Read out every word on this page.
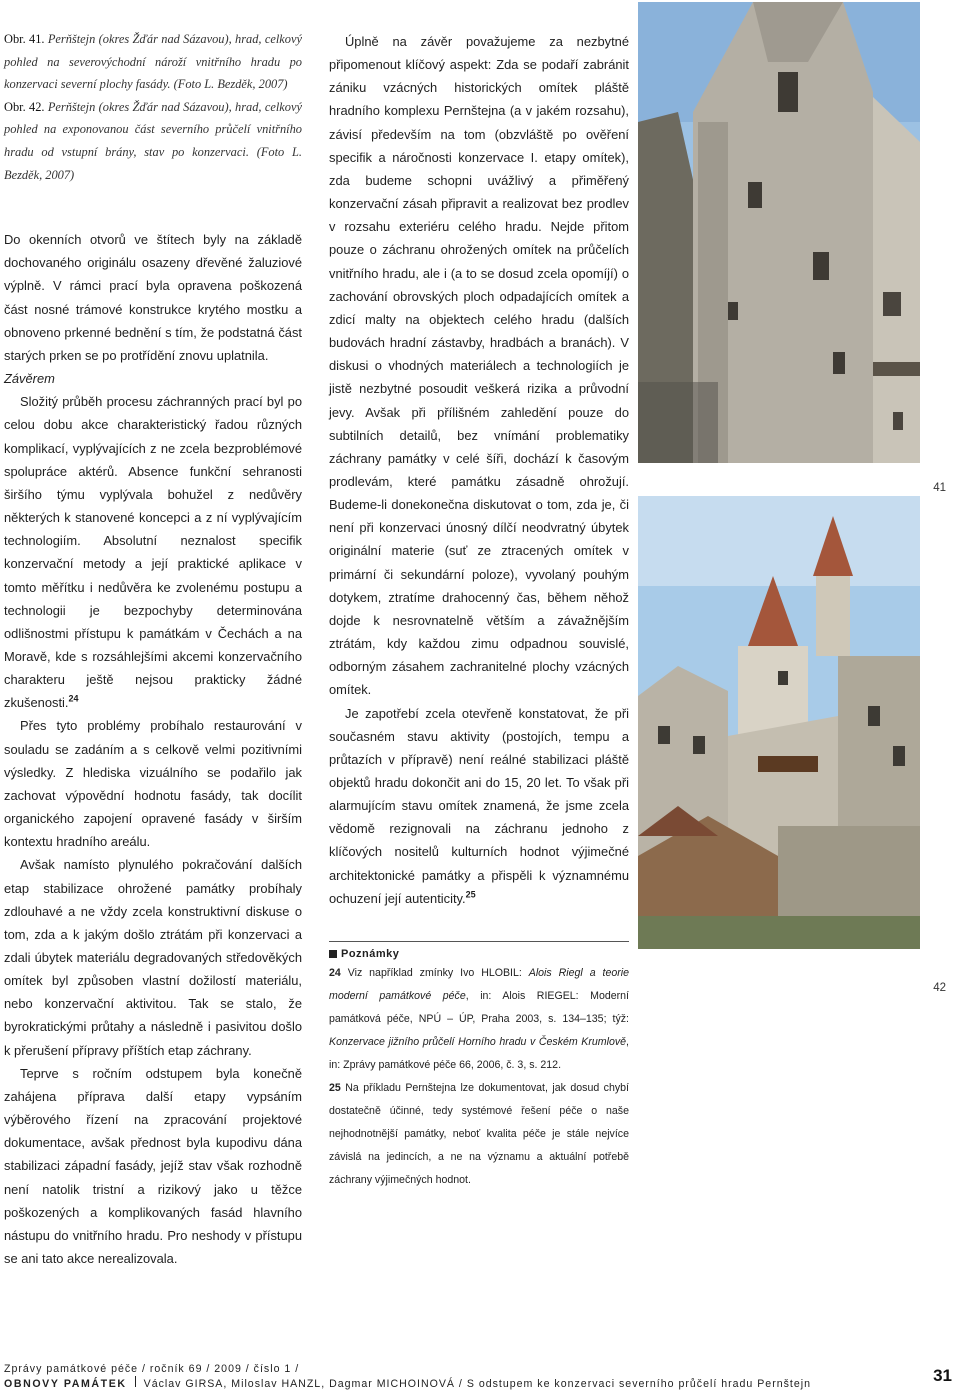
Obr. 41. Perňštejn (okres Žďár nad Sázavou), hrad, celkový pohled na severovýchodní nároží vnitřního hradu po konzervaci severní plochy fasády. (Foto L. Bezděk, 2007)

Obr. 42. Perňštejn (okres Žďár nad Sázavou), hrad, celkový pohled na exponovanou část severního průčelí vnitřního hradu od vstupní brány, stav po konzervaci. (Foto L. Bezděk, 2007)

Do okenních otvorů ve štítech byly na základě dochovaného originálu osazeny dřevěné žaluziové výplně. V rámci prací byla opravena poškozená část nosné trámové konstrukce krytého mostku a obnoveno prkenné bednění s tím, že podstatná část starých prken se po protřídění znovu uplatnila.

Závěrem

Složitý průběh procesu záchranných prací byl po celou dobu akce charakteristický řadou různých komplikací, vyplývajících z ne zcela bezproblémové spolupráce aktérů. Absence funkční sehranosti širšího týmu vyplývala bohužel z nedůvěry některých k stanovené koncepci a z ní vyplývajícím technologiím. Absolutní neznalost specifik konzervační metody a její praktické aplikace v tomto měřítku i nedůvěra ke zvolenému postupu a technologii je bezpochyby determinována odlišnostmi přístupu k památkám v Čechách a na Moravě, kde s rozsáhlejšími akcemi konzervačního charakteru ještě nejsou prakticky žádné zkušenosti.$^{24}$

Přes tyto problémy probíhalo restaurování v souladu se zadáním a s celkově velmi pozitivními výsledky. Z hlediska vizuálního se podařilo jak zachovat výpovědní hodnotu fasády, tak docílit organického zapojení opravené fasády v širším kontextu hradního areálu.

Avšak namísto plynulého pokračování dalších etap stabilizace ohrožené památky probíhaly zdlouhavé a ne vždy zcela konstruktivní diskuse o tom, zda a k jakým došlo ztrátám při konzervaci a zdali úbytek materiálu degradovaných středověkých omítek byl způsoben vlastní dožilostí materiálu, nebo konzervační aktivitou. Tak se stalo, že byrokratickými průtahy a následně i pasivitou došlo k přerušení přípravy příštích etap záchrany.

Teprve s ročním odstupem byla konečně zahájena příprava další etapy vypsáním výběrového řízení na zpracování projektové dokumentace, avšak přednost byla kupodivu dána stabilizaci západní fasády, jejíž stav však rozhodně není natolik tristní a rizikový jako u těžce poškozených a komplikovaných fasád hlavního nástupu do vnitřního hradu. Pro neshody v přístupu se ani tato akce nerealizovala.

Úplně na závěr považujeme za nezbytné připomenout klíčový aspekt: Zda se podaří zabránit zániku vzácných historických omítek pláště hradního komplexu Pernštejna (a v jakém rozsahu), závisí především na tom (obzvláště po ověření specifik a náročnosti konzervace I. etapy omítek), zda budeme schopni uvážlivý a přiměřený konzervační zásah připravit a realizovat bez prodlev v rozsahu exteriéru celého hradu. Nejde přitom pouze o záchranu ohrožených omítek na průčelích vnitřního hradu, ale i (a to se dosud zcela opomíjí) o zachování obrovských ploch odpadajících omítek a zdicí malty na objektech celého hradu (dalších budovách hradní zástavby, hradbách a branách). V diskusi o vhodných materiálech a technologiích je jistě nezbytné posoudit veškerá rizika a průvodní jevy. Avšak při přílišném zahledění pouze do subtilních detailů, bez vnímání problematiky záchrany památky v celé šíři, dochází k časovým prodlevám, které památku zásadně ohrožují. Budeme-li donekonečna diskutovat o tom, zda je, či není při konzervaci únosný dílčí neodvratný úbytek originální materie (suť ze ztracených omítek v primární či sekundární poloze), vyvolaný pouhým dotykem, ztratíme drahocenný čas, během něhož dojde k nesrovnatelně větším a závažnějším ztrátám, kdy každou zimu odpadnou souvislé, odborným zásahem zachranitelné plochy vzácných omítek.

Je zapotřebí zcela otevřeně konstatovat, že při současném stavu aktivity (postojích, tempu a průtazích v přípravě) není reálné stabilizaci pláště objektů hradu dokončit ani do 15, 20 let. To však při alarmujícím stavu omítek znamená, že jsme zcela vědomě rezignovali na záchranu jednoho z klíčových nositelů kulturních hodnot výjimečné architektonické památky a přispěli k významnému ochuzení její autenticity.$^{25}$

Poznámky

24 Viz například zmínky Ivo HLOBIL: Alois Riegl a teorie moderní památkové péče, in: Alois RIEGEL: Moderní památková péče, NPÚ – ÚP, Praha 2003, s. 134–135; týž: Konzervace jižního průčelí Horního hradu v Českém Krumlově, in: Zprávy památkové péče 66, 2006, č. 3, s. 212.

25 Na příkladu Pernštejna lze dokumentovat, jak dosud chybí dostatečně účinné, tedy systémové řešení péče o naše nejhodnotnější památky, neboť kvalita péče je stále nejvíce závislá na jedincích, a ne na významu a aktuální potřebě záchrany výjimečných hodnot.

41
42
Zprávy památkové péče / ročník 69 / 2009 / číslo 1 /
OBNOVY PAMÁTEK Václav GIRSA, Miloslav HANZL, Dagmar MICHOINOVÁ / S odstupem ke konzervaci severního průčelí hradu Pernštejn	31
